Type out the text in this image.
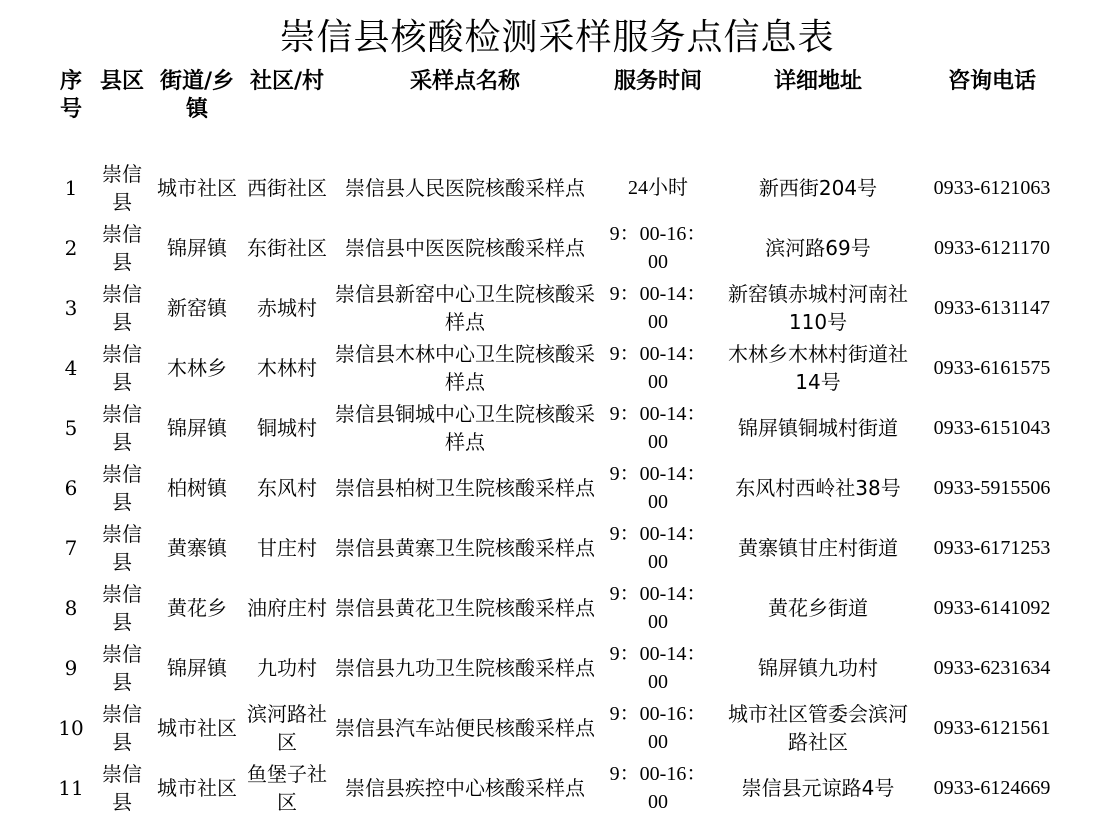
崇信县核酸检测采样服务点信息表
序号	县区	街道/乡镇	社区/村	采样点名称	服务时间	详细地址	咨询电话
1	崇信县	城市社区	西街社区	崇信县人民医院核酸采样点	24小时	新西街204号	0933-6121063
2	崇信县	锦屏镇	东街社区	崇信县中医医院核酸采样点	9：00-16：00	滨河路69号	0933-6121170
3	崇信县	新窑镇	赤城村	崇信县新窑中心卫生院核酸采样点	9：00-14：00	新窑镇赤城村河南社110号	0933-6131147
4	崇信县	木林乡	木林村	崇信县木林中心卫生院核酸采样点	9：00-14：00	木林乡木林村街道社14号	0933-6161575
5	崇信县	锦屏镇	铜城村	崇信县铜城中心卫生院核酸采样点	9：00-14：00	锦屏镇铜城村街道	0933-6151043
6	崇信县	柏树镇	东风村	崇信县柏树卫生院核酸采样点	9：00-14：00	东风村西岭社38号	0933-5915506
7	崇信县	黄寨镇	甘庄村	崇信县黄寨卫生院核酸采样点	9：00-14：00	黄寨镇甘庄村街道	0933-6171253
8	崇信县	黄花乡	油府庄村	崇信县黄花卫生院核酸采样点	9：00-14：00	黄花乡街道	0933-6141092
9	崇信县	锦屏镇	九功村	崇信县九功卫生院核酸采样点	9：00-14：00	锦屏镇九功村	0933-6231634
10	崇信县	城市社区	滨河路社区	崇信县汽车站便民核酸采样点	9：00-16：00	城市社区管委会滨河路社区	0933-6121561
11	崇信县	城市社区	鱼堡子社区	崇信县疾控中心核酸采样点	9：00-16：00	崇信县元谅路4号	0933-6124669
